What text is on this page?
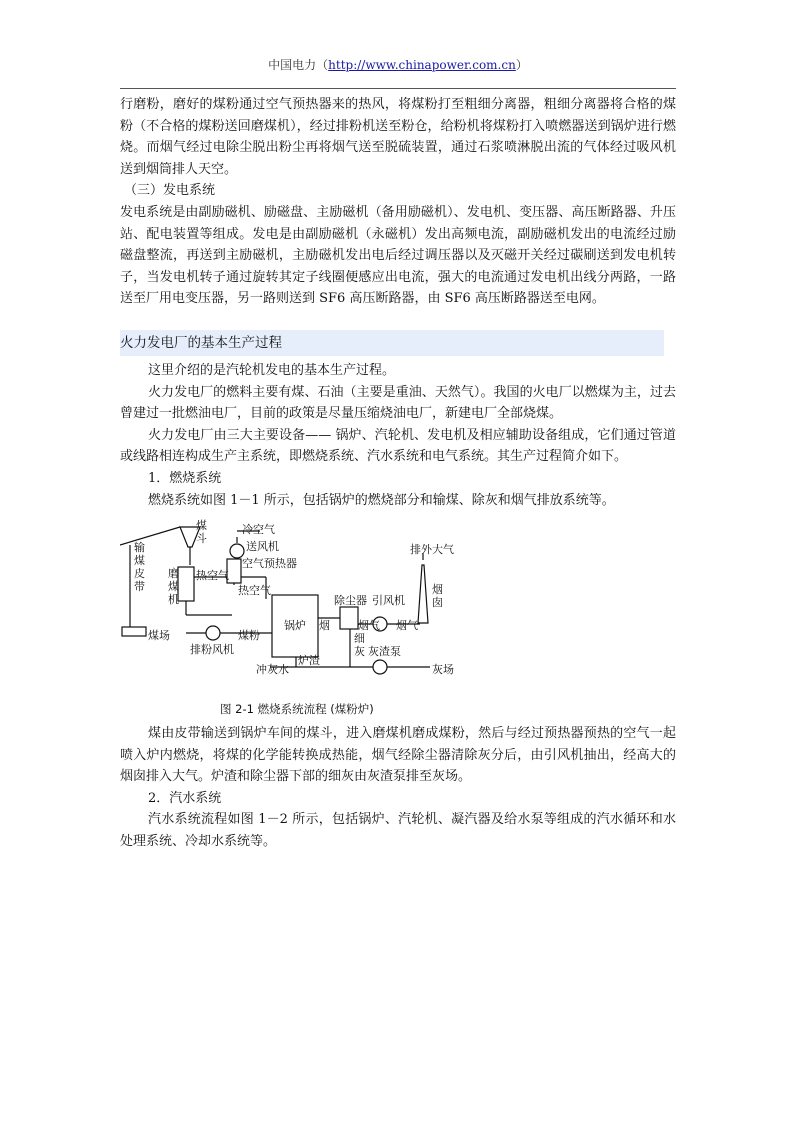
中国电力（http://www.chinapower.com.cn）

行磨粉，磨好的煤粉通过空气预热器来的热风，将煤粉打至粗细分离器，粗细分离器将合格的煤粉（不合格的煤粉送回磨煤机），经过排粉机送至粉仓，给粉机将煤粉打入喷燃器送到锅炉进行燃烧。而烟气经过电除尘脱出粉尘再将烟气送至脱硫装置，通过石浆喷淋脱出流的气体经过吸风机送到烟筒排人天空。

（三）发电系统

发电系统是由副励磁机、励磁盘、主励磁机（备用励磁机）、发电机、变压器、高压断路器、升压站、配电装置等组成。发电是由副励磁机（永磁机）发出高频电流，副励磁机发出的电流经过励磁盘整流，再送到主励磁机，主励磁机发出电后经过调压器以及灭磁开关经过碳刷送到发电机转子，当发电机转子通过旋转其定子线圈便感应出电流，强大的电流通过发电机出线分两路，一路送至厂用电变压器，另一路则送到 SF6 高压断路器，由 SF6 高压断路器送至电网。

火力发电厂的基本生产过程

这里介绍的是汽轮机发电的基本生产过程。

火力发电厂的燃料主要有煤、石油（主要是重油、天然气）。我国的火电厂以燃煤为主，过去曾建过一批燃油电厂，目前的政策是尽量压缩烧油电厂，新建电厂全部烧煤。

火力发电厂由三大主要设备—— 锅炉、汽轮机、发电机及相应辅助设备组成，它们通过管道或线路相连构成生产主系统，即燃烧系统、汽水系统和电气系统。其生产过程简介如下。

1．燃烧系统

燃烧系统如图 1－1 所示，包括锅炉的燃烧部分和输煤、除灰和烟气排放系统等。

输
煤
皮
带
煤
斗
冷空气
送风机
空气预热器
排外大气
热空气
磨
煤
机
热空气
锅炉
除尘器 引风机
烟
囱
煤场	煤粉
烟	烟气 烟气
细
灰
排粉风机
炉渣
灰渣泵
冲灰水	灰场
图 2-1 燃烧系统流程 (煤粉炉)

煤由皮带输送到锅炉车间的煤斗，进入磨煤机磨成煤粉，然后与经过预热器预热的空气一起喷入炉内燃烧，将煤的化学能转换成热能，烟气经除尘器清除灰分后，由引风机抽出，经高大的烟囱排入大气。炉渣和除尘器下部的细灰由灰渣泵排至灰场。

2．汽水系统

汽水系统流程如图 1－2 所示，包括锅炉、汽轮机、凝汽器及给水泵等组成的汽水循环和水处理系统、冷却水系统等。
